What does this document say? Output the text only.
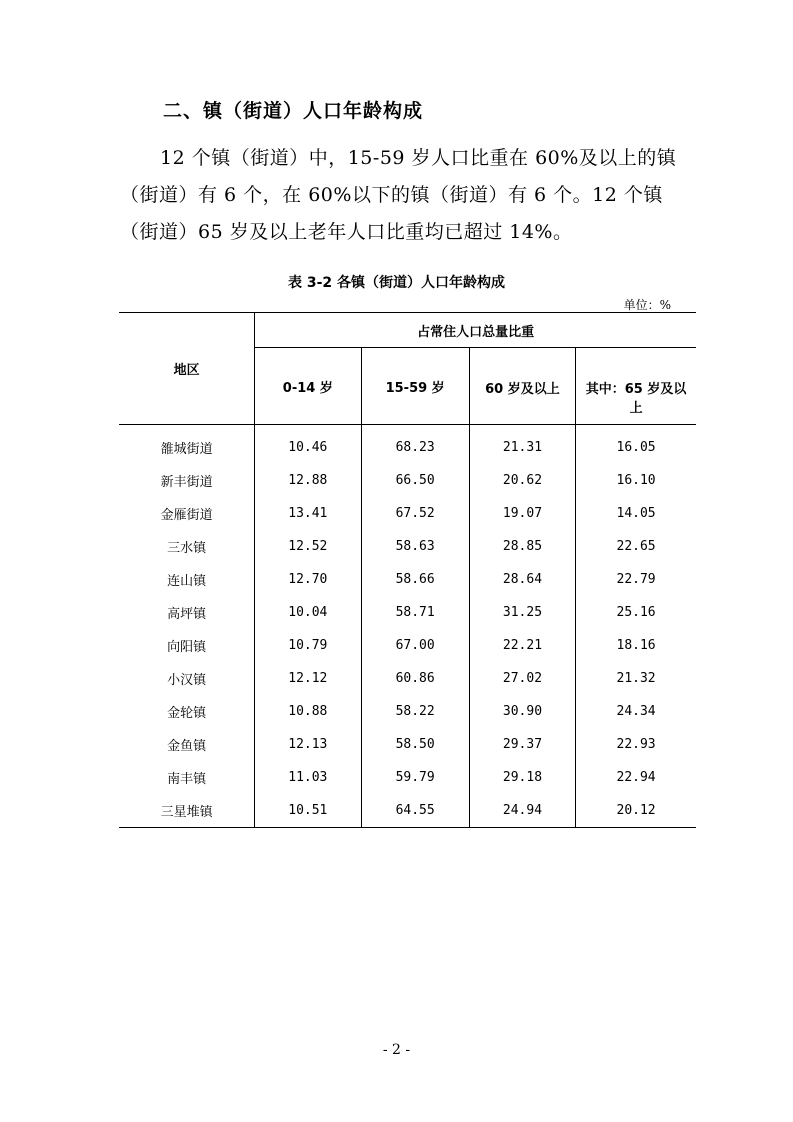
二、镇（街道）人口年龄构成

12 个镇（街道）中，15-59 岁人口比重在 60%及以上的镇（街道）有 6 个，在 60%以下的镇（街道）有 6 个。12 个镇（街道）65 岁及以上老年人口比重均已超过 14%。

表 3-2 各镇（街道）人口年龄构成
单位：%
地区	占常住人口总量比重			
	0-14 岁	15-59 岁	60 岁及以上	其中：65 岁及以上
雒城街道	10.46	68.23	21.31	16.05
新丰街道	12.88	66.50	20.62	16.10
金雁街道	13.41	67.52	19.07	14.05
三水镇	12.52	58.63	28.85	22.65
连山镇	12.70	58.66	28.64	22.79
高坪镇	10.04	58.71	31.25	25.16
向阳镇	10.79	67.00	22.21	18.16
小汉镇	12.12	60.86	27.02	21.32
金轮镇	10.88	58.22	30.90	24.34
金鱼镇	12.13	58.50	29.37	22.93
南丰镇	11.03	59.79	29.18	22.94
三星堆镇	10.51	64.55	24.94	20.12
- 2 -
